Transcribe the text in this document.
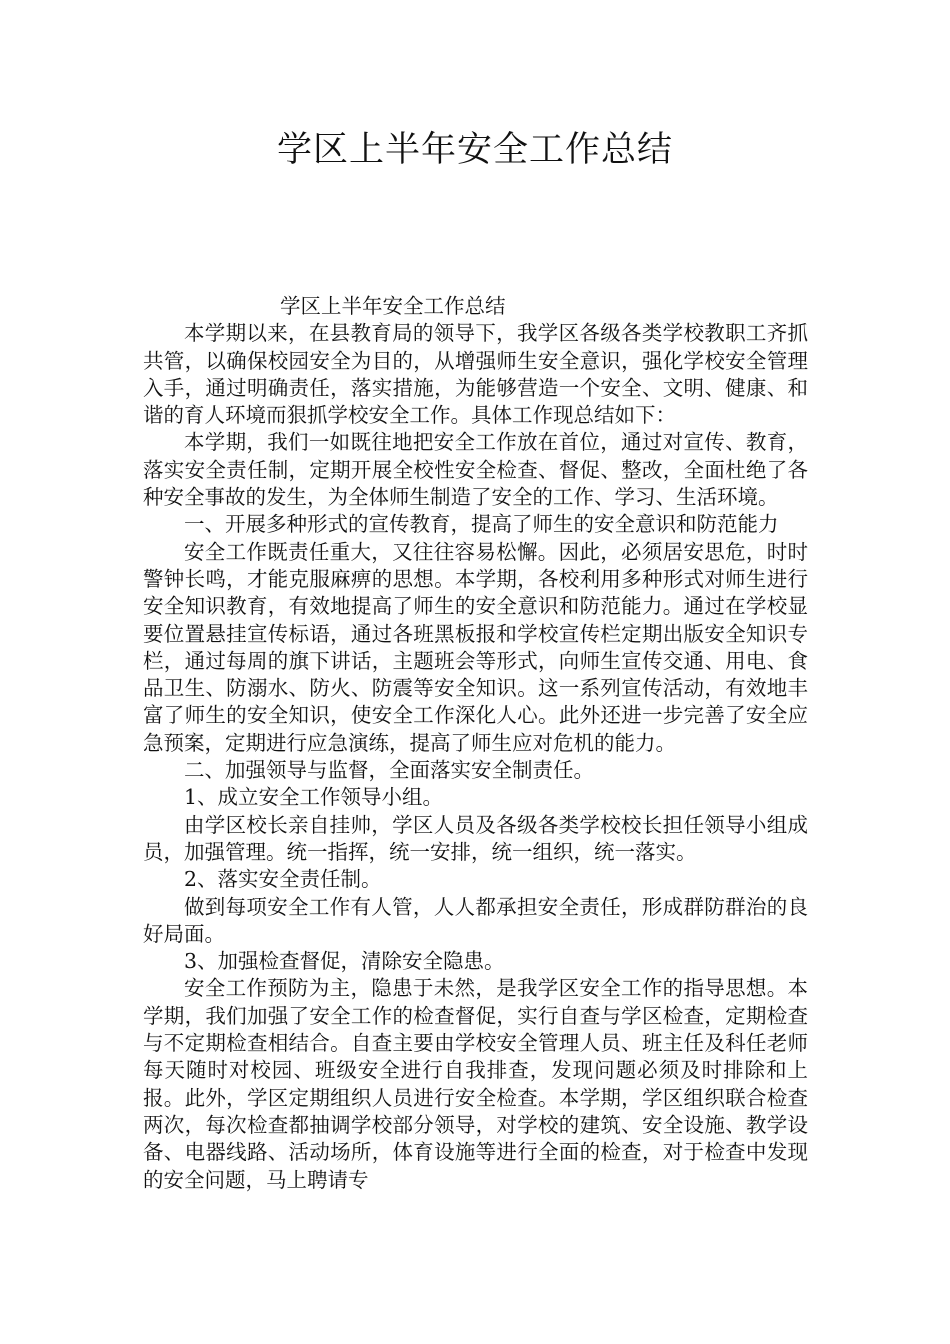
学区上半年安全工作总结

学区上半年安全工作总结

本学期以来，在县教育局的领导下，我学区各级各类学校教职工齐抓共管，以确保校园安全为目的，从增强师生安全意识，强化学校安全管理入手，通过明确责任，落实措施，为能够营造一个安全、文明、健康、和谐的育人环境而狠抓学校安全工作。具体工作现总结如下：

本学期，我们一如既往地把安全工作放在首位，通过对宣传、教育，落实安全责任制，定期开展全校性安全检查、督促、整改，全面杜绝了各种安全事故的发生，为全体师生制造了安全的工作、学习、生活环境。

一、开展多种形式的宣传教育，提高了师生的安全意识和防范能力

安全工作既责任重大，又往往容易松懈。因此，必须居安思危，时时警钟长鸣，才能克服麻痹的思想。本学期，各校利用多种形式对师生进行安全知识教育，有效地提高了师生的安全意识和防范能力。通过在学校显要位置悬挂宣传标语，通过各班黑板报和学校宣传栏定期出版安全知识专栏，通过每周的旗下讲话，主题班会等形式，向师生宣传交通、用电、食品卫生、防溺水、防火、防震等安全知识。这一系列宣传活动，有效地丰富了师生的安全知识，使安全工作深化人心。此外还进一步完善了安全应急预案，定期进行应急演练，提高了师生应对危机的能力。

二、加强领导与监督，全面落实安全制责任。

1、成立安全工作领导小组。

由学区校长亲自挂帅，学区人员及各级各类学校校长担任领导小组成员，加强管理。统一指挥，统一安排，统一组织，统一落实。

2、落实安全责任制。

做到每项安全工作有人管，人人都承担安全责任，形成群防群治的良好局面。

3、加强检查督促，清除安全隐患。

安全工作预防为主，隐患于未然，是我学区安全工作的指导思想。本学期，我们加强了安全工作的检查督促，实行自查与学区检查，定期检查与不定期检查相结合。自查主要由学校安全管理人员、班主任及科任老师每天随时对校园、班级安全进行自我排查，发现问题必须及时排除和上报。此外，学区定期组织人员进行安全检查。本学期，学区组织联合检查两次，每次检查都抽调学校部分领导，对学校的建筑、安全设施、教学设备、电器线路、活动场所，体育设施等进行全面的检查，对于检查中发现的安全问题，马上聘请专
